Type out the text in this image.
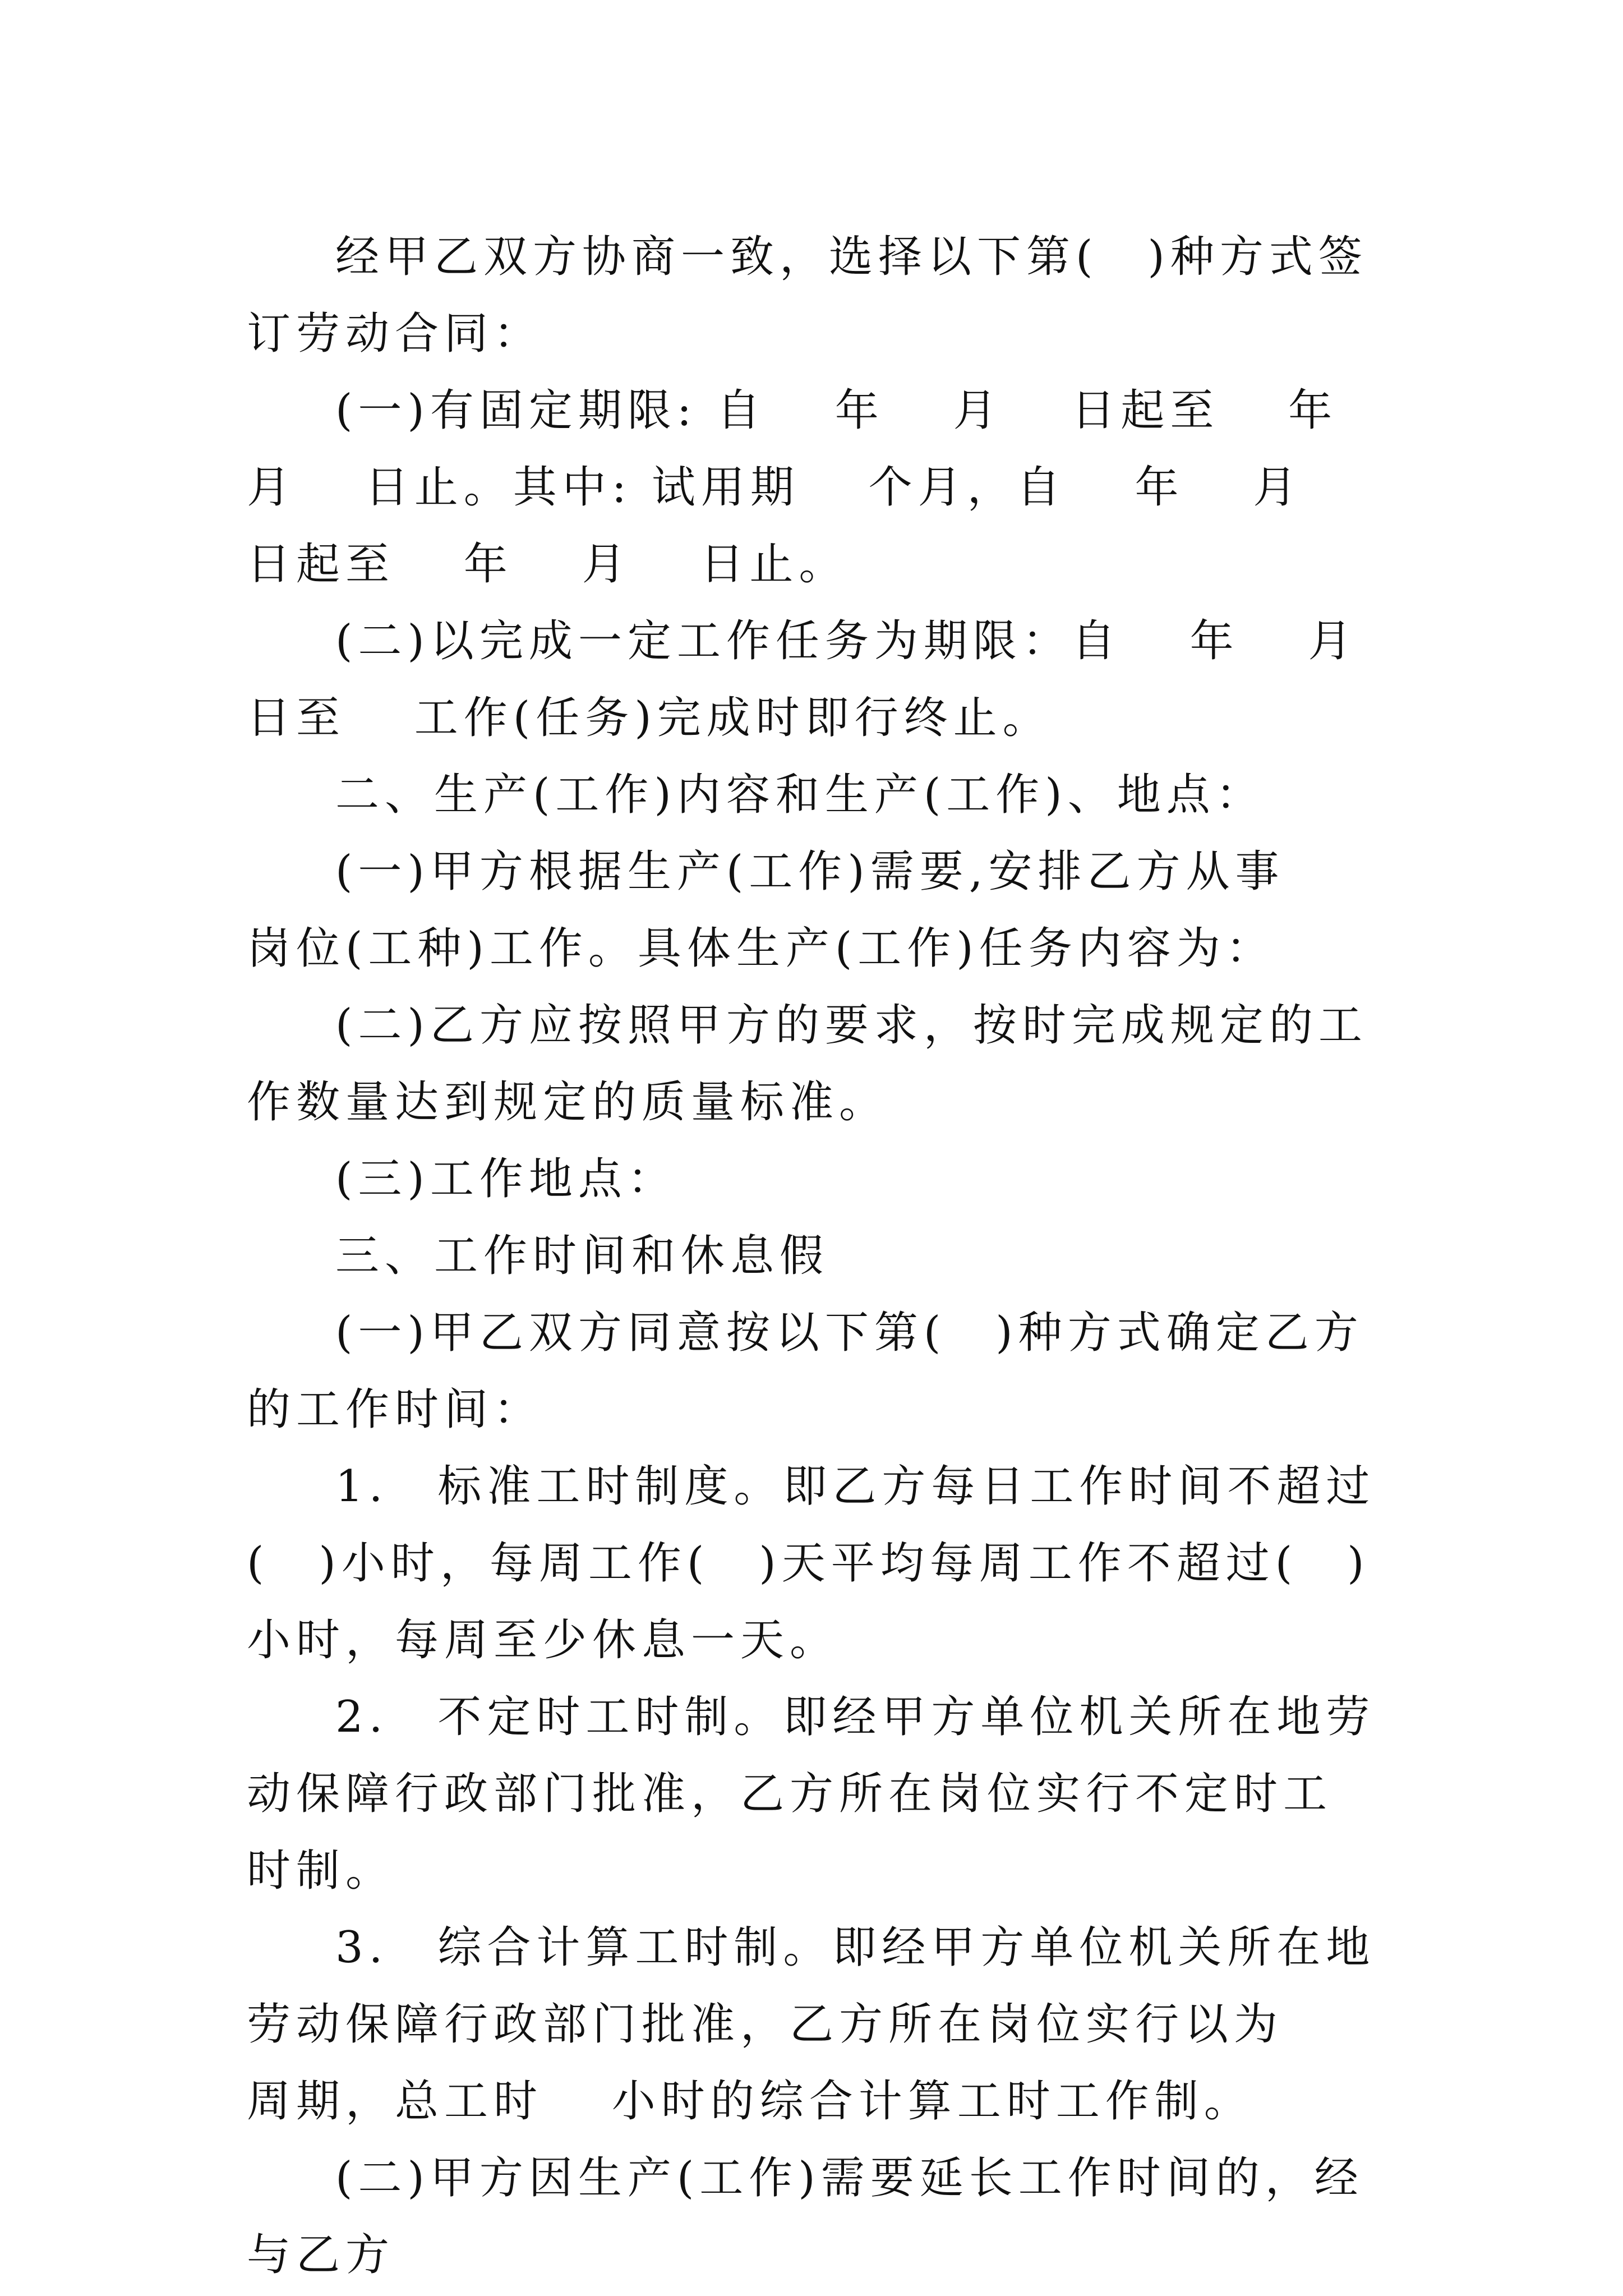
经甲乙双方协商一致，选择以下第(　)种方式签订劳动合同：

(一)有固定期限: 自　 年　 月　 日起至　 年　 月　 日止。其中: 试用期　 个月，自　 年　 月　 日起至　 年　 月　 日止。

(二)以完成一定工作任务为期限：自　 年　 月　 日至　 工作(任务)完成时即行终止。

二、生产(工作)内容和生产(工作)、地点：

(一)甲方根据生产(工作)需要,安排乙方从事　 岗位(工种)工作。具体生产(工作)任务内容为：

(二)乙方应按照甲方的要求，按时完成规定的工作数量达到规定的质量标准。

(三)工作地点：

三、工作时间和休息假

(一)甲乙双方同意按以下第(　)种方式确定乙方的工作时间：

1.　标准工时制度。即乙方每日工作时间不超过(　)小时，每周工作(　)天平均每周工作不超过(　)小时，每周至少休息一天。

2.　不定时工时制。即经甲方单位机关所在地劳动保障行政部门批准，乙方所在岗位实行不定时工时制。

3.　综合计算工时制。即经甲方单位机关所在地劳动保障行政部门批准，乙方所在岗位实行以为　 周期，总工时　 小时的综合计算工时工作制。

(二)甲方因生产(工作)需要延长工作时间的，经与乙方
